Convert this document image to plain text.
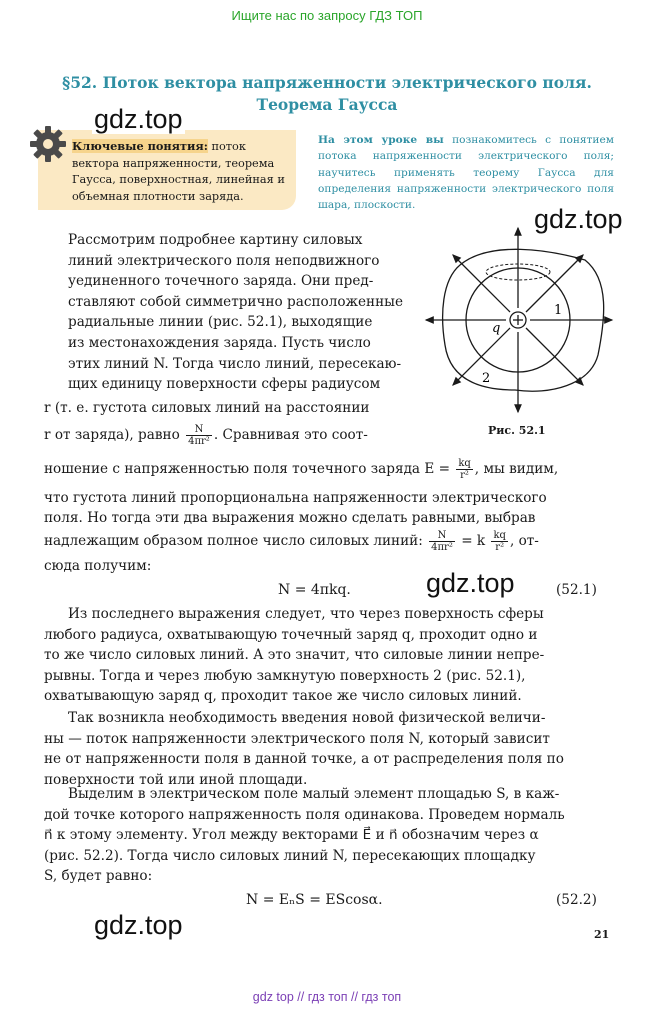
Ищите нас по запросу ГДЗ ТОП
§52. Поток вектора напряженности электрического поля.
Теорема Гаусса
Ключевые понятия: поток вектора напряженности, теорема Гаусса, поверхностная, линейная и объемная плотности заряда.
На этом уроке вы познакомитесь с понятием потока напряженности электрического поля; научитесь применять теорему Гаусса для определения напряженности электрического поля шара, плоскости.
gdz.top
gdz.top
gdz.top
gdz.top
Рассмотрим подробнее картину силовых
линий электрического поля неподвижного
уединенного точечного заряда. Они пред-
ставляют собой симметрично расположенные
радиальные линии (рис. 52.1), выходящие
из местонахождения заряда. Пусть число
этих линий N. Тогда число линий, пересекаю-
щих единицу поверхности сферы радиусом
r (т. е. густота силовых линий на расстоянии
r от заряда), равно $\frac{N}{\text{4πr²}}$ . Сравнивая это соот-
ношение с напряженностью поля точечного заряда $E = \frac{kq}{\text{r²}}$ , мы видим,
что густота линий пропорциональна напряженности электрического
поля. Но тогда эти два выражения можно сделать равными, выбрав
надлежащим образом полное число силовых линий: $\frac{N}{\text{4πr²}} = k \frac{kq}{\text{r²}}$ , от-
сюда получим:
N = 4πkq.	(52.1)
Из последнего выражения следует, что через поверхность сферы
любого радиуса, охватывающую точечный заряд q, проходит одно и
то же число силовых линий. А это значит, что силовые линии непре-
рывны. Тогда и через любую замкнутую поверхность 2 (рис. 52.1),
охватывающую заряд q, проходит такое же число силовых линий.
Так возникла необходимость введения новой физической величи-
ны — поток напряженности электрического поля N, который зависит
не от напряженности поля в данной точке, а от распределения поля по
поверхности той или иной площади.
Выделим в электрическом поле малый элемент площадью S, в каж-
дой точке которого напряженность поля одинакова. Проведем нормаль
n⃗ к этому элементу. Угол между векторами E⃗ и n⃗ обозначим через α
(рис. 52.2). Тогда число силовых линий N, пересекающих площадку
S, будет равно:
N = EₙS = EScosα.	(52.2)
q
1
2
Рис. 52.1
21
gdz top // гдз топ // гдз топ
